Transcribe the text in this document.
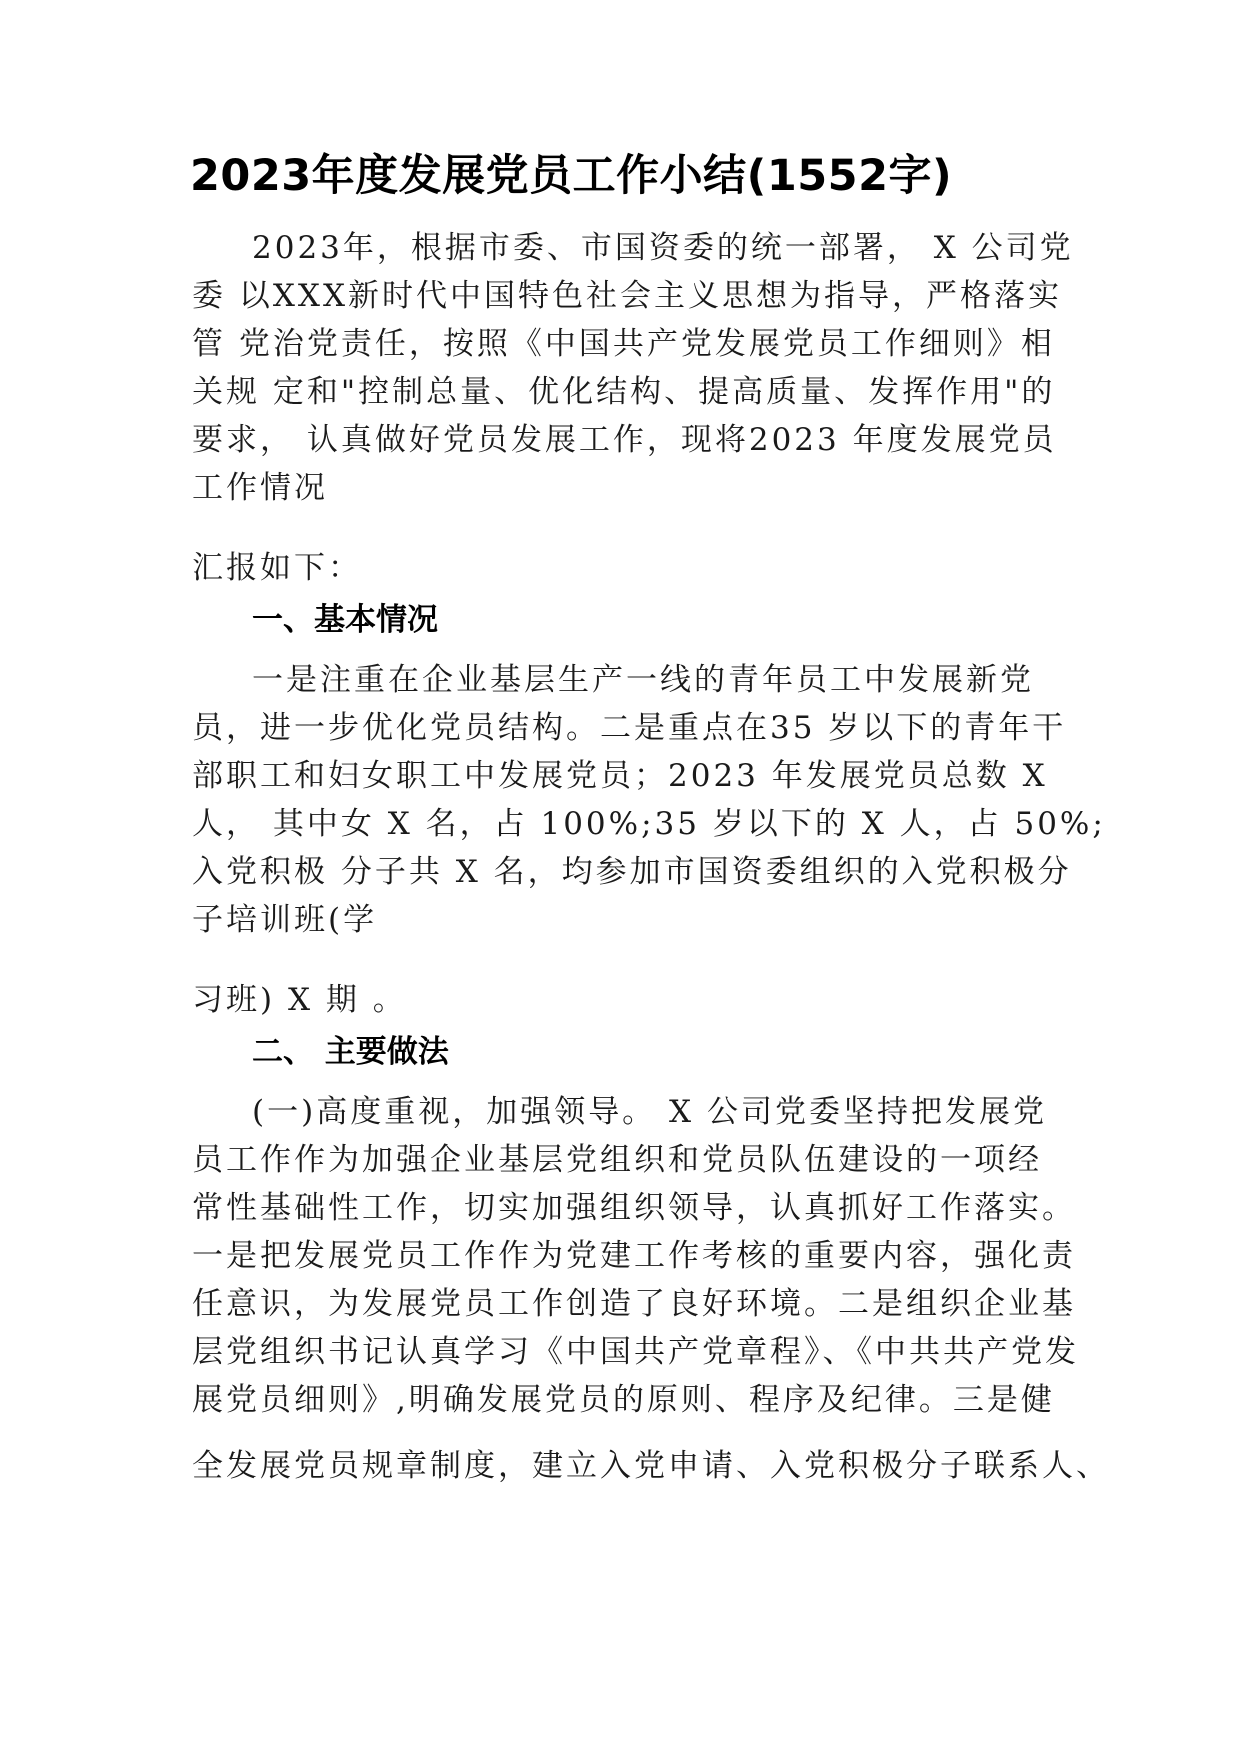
2023年度发展党员工作小结(1552字)
2023年，根据市委、市国资委的统一部署， X 公司党
委 以XXX新时代中国特色社会主义思想为指导，严格落实
管 党治党责任，按照《中国共产党发展党员工作细则》相
关规 定和"控制总量、优化结构、提高质量、发挥作用"的
要求， 认真做好党员发展工作，现将2023 年度发展党员
工作情况
汇报如下：
一、基本情况
一是注重在企业基层生产一线的青年员工中发展新党
员，进一步优化党员结构。二是重点在35 岁以下的青年干
部职工和妇女职工中发展党员；2023 年发展党员总数 X
人， 其中女 X 名，占 100%;35 岁以下的 X 人，占 50%;
入党积极 分子共 X 名，均参加市国资委组织的入党积极分
子培训班(学
习班) X 期 。
二、 主要做法
(一)高度重视，加强领导。 X 公司党委坚持把发展党
员工作作为加强企业基层党组织和党员队伍建设的一项经
常性基础性工作，切实加强组织领导，认真抓好工作落实。
一是把发展党员工作作为党建工作考核的重要内容，强化责
任意识，为发展党员工作创造了良好环境。二是组织企业基
层党组织书记认真学习《中国共产党章程》、《中共共产党发
展党员细则》,明确发展党员的原则、程序及纪律。三是健
全发展党员规章制度，建立入党申请、入党积极分子联系人、
